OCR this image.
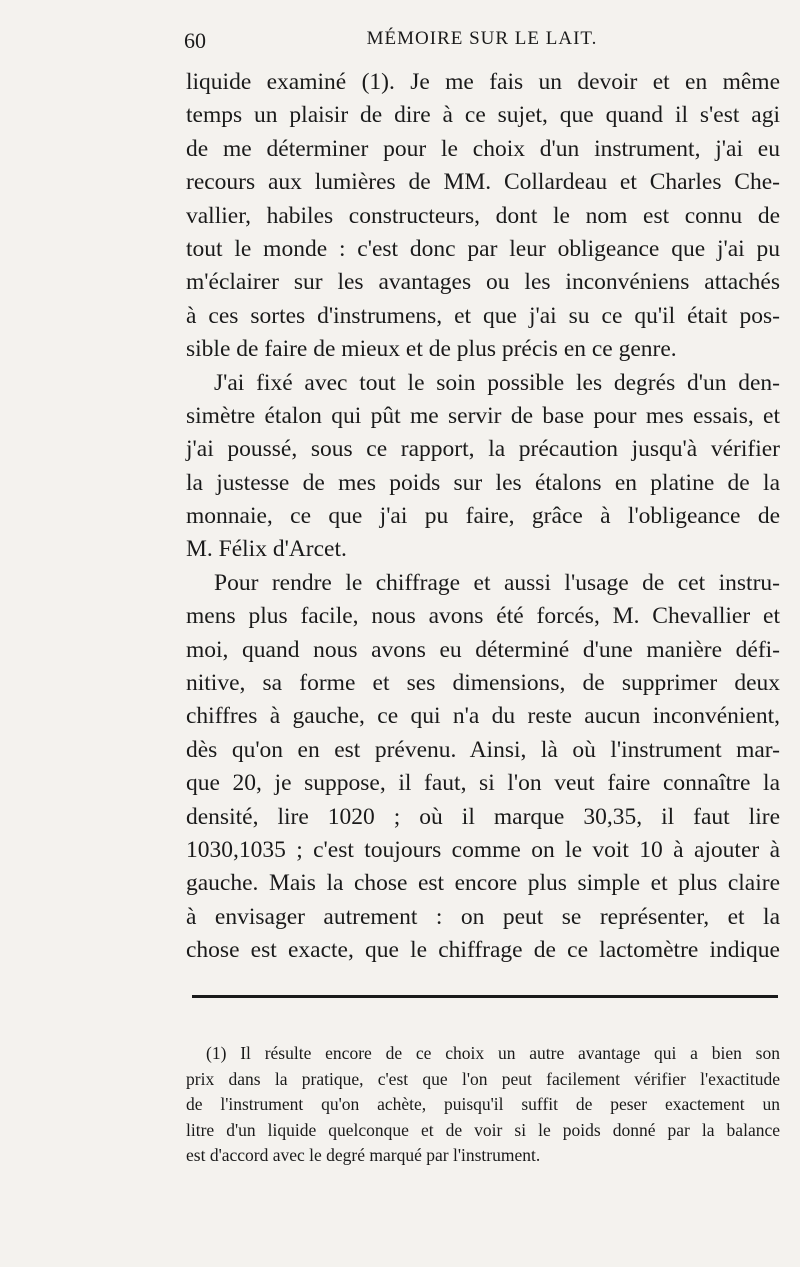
60	MÉMOIRE SUR LE LAIT.
liquide examiné (1). Je me fais un devoir et en même
temps un plaisir de dire à ce sujet, que quand il s'est agi
de me déterminer pour le choix d'un instrument, j'ai eu
recours aux lumières de MM. Collardeau et Charles Che-
vallier, habiles constructeurs, dont le nom est connu de
tout le monde : c'est donc par leur obligeance que j'ai pu
m'éclairer sur les avantages ou les inconvéniens attachés
à ces sortes d'instrumens, et que j'ai su ce qu'il était pos-
sible de faire de mieux et de plus précis en ce genre.
J'ai fixé avec tout le soin possible les degrés d'un den-
simètre étalon qui pût me servir de base pour mes essais, et
j'ai poussé, sous ce rapport, la précaution jusqu'à vérifier
la justesse de mes poids sur les étalons en platine de la
monnaie, ce que j'ai pu faire, grâce à l'obligeance de
M. Félix d'Arcet.
Pour rendre le chiffrage et aussi l'usage de cet instru-
mens plus facile, nous avons été forcés, M. Chevallier et
moi, quand nous avons eu déterminé d'une manière défi-
nitive, sa forme et ses dimensions, de supprimer deux
chiffres à gauche, ce qui n'a du reste aucun inconvénient,
dès qu'on en est prévenu. Ainsi, là où l'instrument mar-
que 20, je suppose, il faut, si l'on veut faire connaître la
densité, lire 1020 ; où il marque 30,35, il faut lire
1030,1035 ; c'est toujours comme on le voit 10 à ajouter à
gauche. Mais la chose est encore plus simple et plus claire
à envisager autrement : on peut se représenter, et la
chose est exacte, que le chiffrage de ce lactomètre indique
(1) Il résulte encore de ce choix un autre avantage qui a bien son
prix dans la pratique, c'est que l'on peut facilement vérifier l'exactitude
de l'instrument qu'on achète, puisqu'il suffit de peser exactement un
litre d'un liquide quelconque et de voir si le poids donné par la balance
est d'accord avec le degré marqué par l'instrument.
